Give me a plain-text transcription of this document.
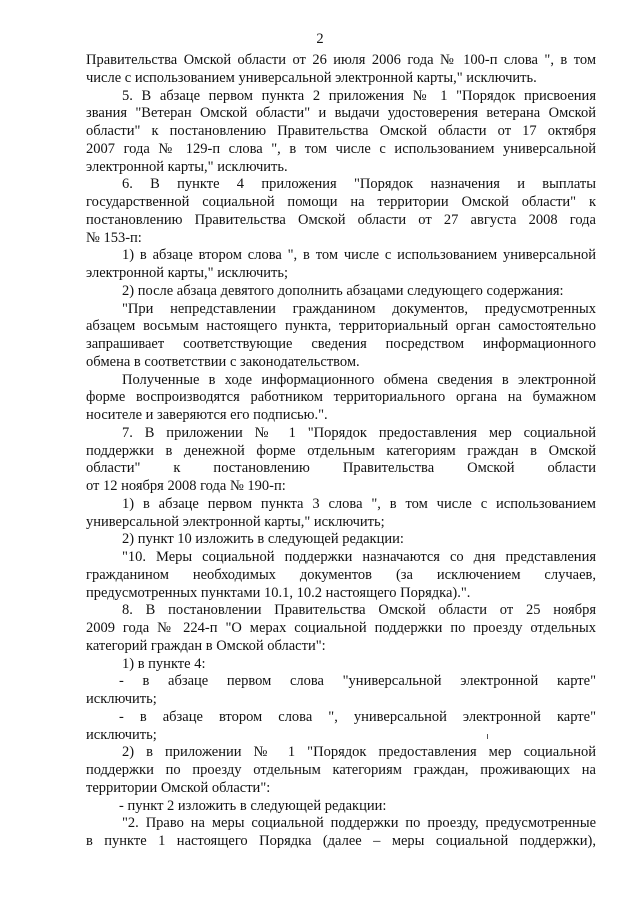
2
Правительства Омской области от 26 июля 2006 года № 100-п слова ", в том
числе с использованием универсальной электронной карты," исключить.
5. В абзаце первом пункта 2 приложения № 1 "Порядок присвоения
звания "Ветеран Омской области" и выдачи удостоверения ветерана Омской
области" к постановлению Правительства Омской области от 17 октября
2007 года № 129-п слова ", в том числе с использованием универсальной
электронной карты," исключить.
6. В пункте 4 приложения "Порядок назначения и выплаты
государственной социальной помощи на территории Омской области" к
постановлению Правительства Омской области от 27 августа 2008 года
№ 153-п:
1) в абзаце втором слова ", в том числе с использованием универсальной
электронной карты," исключить;
2) после абзаца девятого дополнить абзацами следующего содержания:
"При непредставлении гражданином документов, предусмотренных
абзацем восьмым настоящего пункта, территориальный орган самостоятельно
запрашивает соответствующие сведения посредством информационного
обмена в соответствии с законодательством.
Полученные в ходе информационного обмена сведения в электронной
форме воспроизводятся работником территориального органа на бумажном
носителе и заверяются его подписью.".
7. В приложении № 1 "Порядок предоставления мер социальной
поддержки в денежной форме отдельным категориям граждан в Омской
области" к постановлению Правительства Омской области
от 12 ноября 2008 года № 190-п:
1) в абзаце первом пункта 3 слова ", в том числе с использованием
универсальной электронной карты," исключить;
2) пункт 10 изложить в следующей редакции:
"10. Меры социальной поддержки назначаются со дня представления
гражданином необходимых документов (за исключением случаев,
предусмотренных пунктами 10.1, 10.2 настоящего Порядка).".
8. В постановлении Правительства Омской области от 25 ноября
2009 года № 224-п "О мерах социальной поддержки по проезду отдельных
категорий граждан в Омской области":
1) в пункте 4:
- в абзаце первом слова "универсальной электронной карте"
исключить;
- в абзаце втором слова ", универсальной электронной карте"
исключить;
2) в приложении № 1 "Порядок предоставления мер социальной
поддержки по проезду отдельным категориям граждан, проживающих на
территории Омской области":
- пункт 2 изложить в следующей редакции:
"2. Право на меры социальной поддержки по проезду, предусмотренные
в пункте 1 настоящего Порядка (далее – меры социальной поддержки),
